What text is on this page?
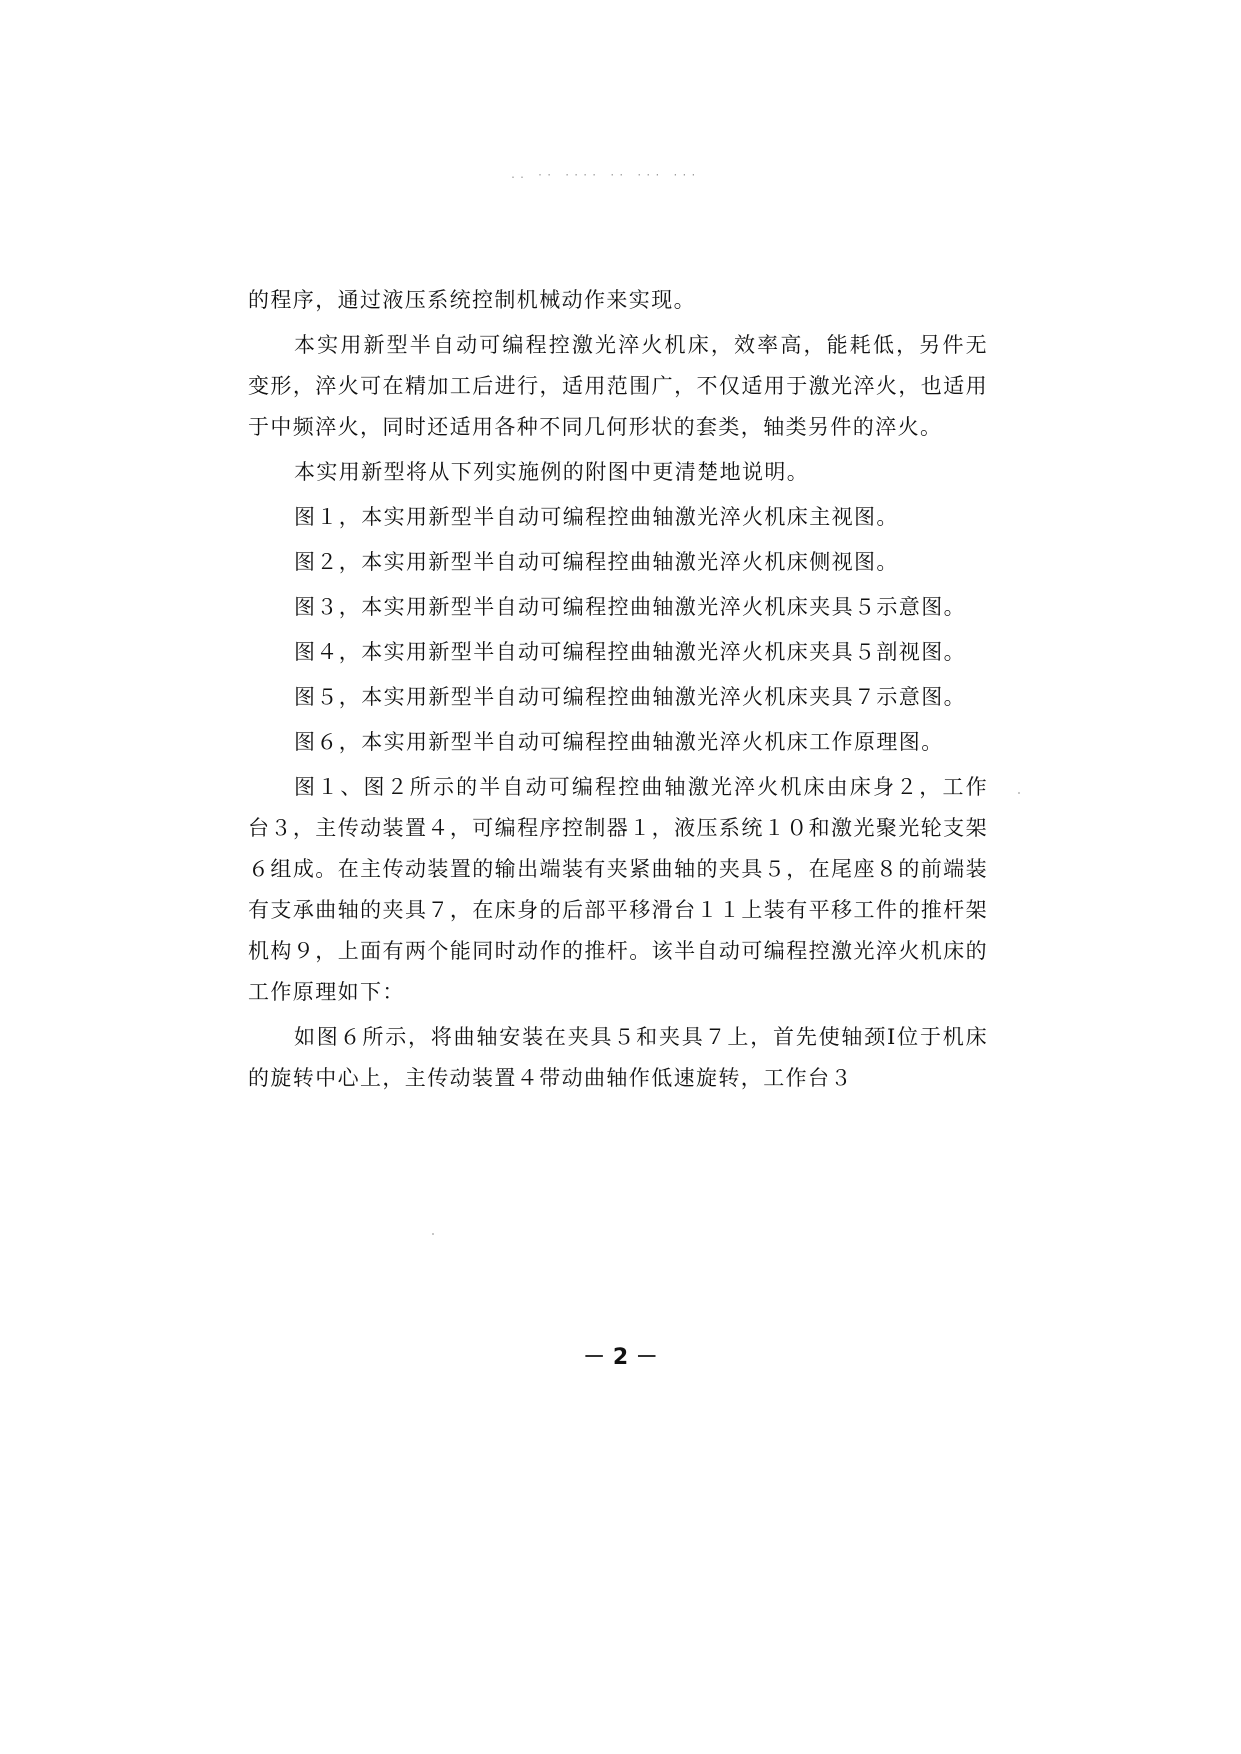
.. ·· ···· ·· ··· ···

的程序，通过液压系统控制机械动作来实现。

本实用新型半自动可编程控激光淬火机床，效率高，能耗低，另件无变形，淬火可在精加工后进行，适用范围广，不仅适用于激光淬火，也适用于中频淬火，同时还适用各种不同几何形状的套类，轴类另件的淬火。

本实用新型将从下列实施例的附图中更清楚地说明。

图１，本实用新型半自动可编程控曲轴激光淬火机床主视图。

图２，本实用新型半自动可编程控曲轴激光淬火机床侧视图。

图３，本实用新型半自动可编程控曲轴激光淬火机床夹具５示意图。

图４，本实用新型半自动可编程控曲轴激光淬火机床夹具５剖视图。

图５，本实用新型半自动可编程控曲轴激光淬火机床夹具７示意图。

图６，本实用新型半自动可编程控曲轴激光淬火机床工作原理图。

图１、图２所示的半自动可编程控曲轴激光淬火机床由床身２，工作台３，主传动装置４，可编程序控制器１，液压系统１０和激光聚光轮支架６组成。在主传动装置的输出端装有夹紧曲轴的夹具５，在尾座８的前端装有支承曲轴的夹具７，在床身的后部平移滑台１１上装有平移工件的推杆架机构９，上面有两个能同时动作的推杆。该半自动可编程控激光淬火机床的工作原理如下：

如图６所示，将曲轴安装在夹具５和夹具７上，首先使轴颈Ⅰ位于机床的旋转中心上，主传动装置４带动曲轴作低速旋转，工作台３

－ 2 －
